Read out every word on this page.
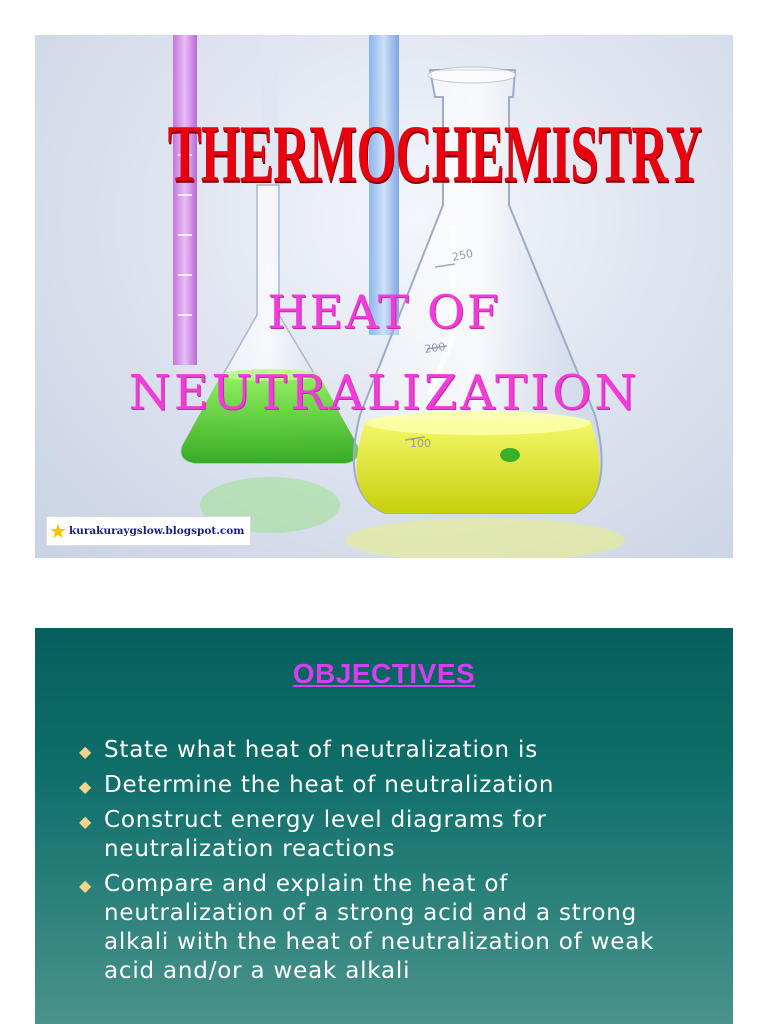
250
200
100
THERMOCHEMISTRY
HEAT OF
NEUTRALIZATION
★ kurakuraygslow.blogspot.com
OBJECTIVES
◆ State what heat of neutralization is
◆ Determine the heat of neutralization
◆ Construct energy level diagrams for neutralization reactions
◆ Compare and explain the heat of neutralization of a strong acid and a strong alkali with the heat of neutralization of weak acid and/or a weak alkali
